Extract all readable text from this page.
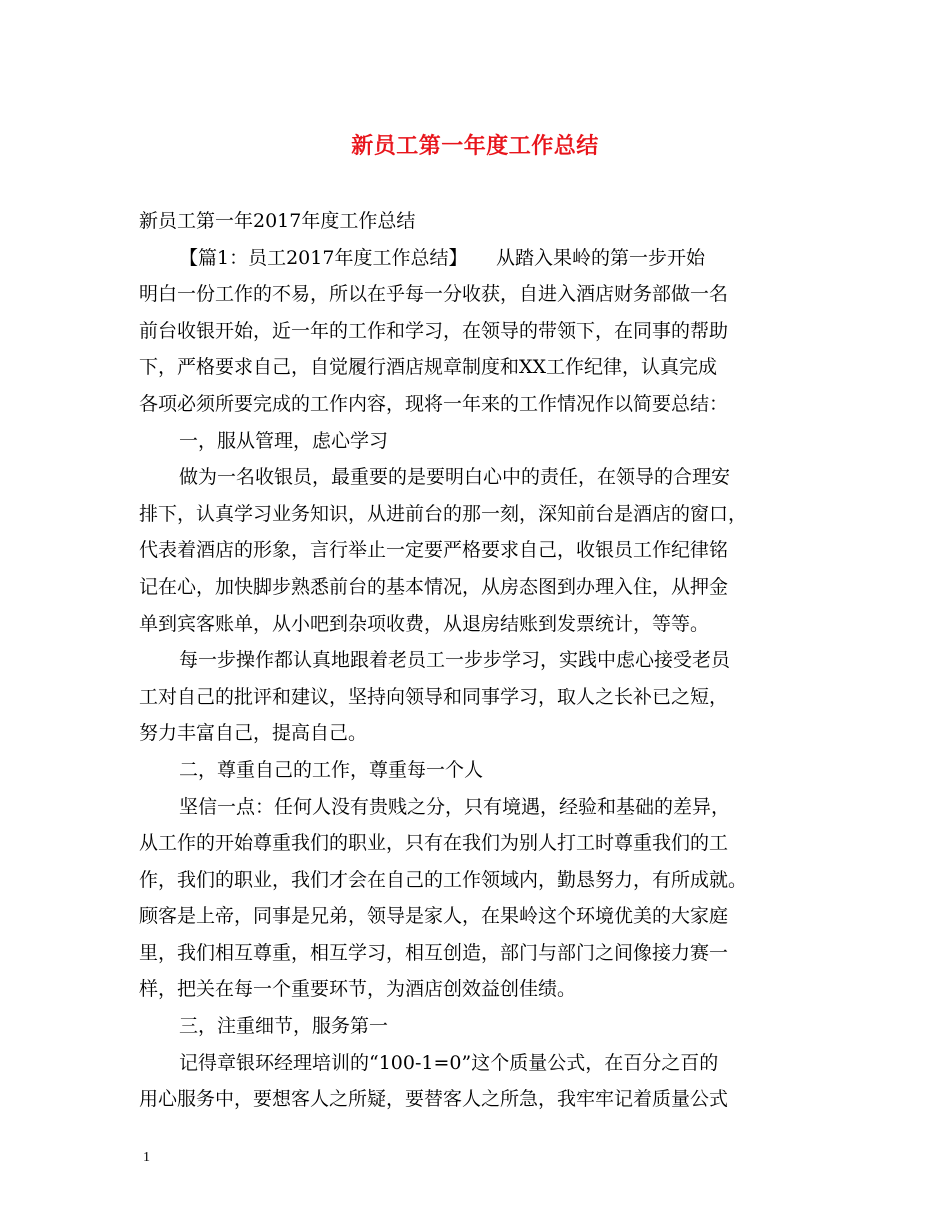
新员工第一年度工作总结
新员工第一年2017年度工作总结
【篇1：员工2017年度工作总结】　　从踏入果岭的第一步开始
明白一份工作的不易，所以在乎每一分收获，自进入酒店财务部做一名
前台收银开始，近一年的工作和学习，在领导的带领下，在同事的帮助
下，严格要求自己，自觉履行酒店规章制度和XX工作纪律，认真完成
各项必须所要完成的工作内容，现将一年来的工作情况作以简要总结：
一，服从管理，虑心学习
做为一名收银员，最重要的是要明白心中的责任，在领导的合理安
排下，认真学习业务知识，从进前台的那一刻，深知前台是酒店的窗口，
代表着酒店的形象，言行举止一定要严格要求自己，收银员工作纪律铭
记在心，加快脚步熟悉前台的基本情况，从房态图到办理入住，从押金
单到宾客账单，从小吧到杂项收费，从退房结账到发票统计，等等。
每一步操作都认真地跟着老员工一步步学习，实践中虑心接受老员
工对自己的批评和建议，坚持向领导和同事学习，取人之长补已之短，
努力丰富自己，提高自己。
二，尊重自己的工作，尊重每一个人
坚信一点：任何人没有贵贱之分，只有境遇，经验和基础的差异，
从工作的开始尊重我们的职业，只有在我们为别人打工时尊重我们的工
作，我们的职业，我们才会在自己的工作领域内，勤恳努力，有所成就。
顾客是上帝，同事是兄弟，领导是家人，在果岭这个环境优美的大家庭
里，我们相互尊重，相互学习，相互创造，部门与部门之间像接力赛一
样，把关在每一个重要环节，为酒店创效益创佳绩。
三，注重细节，服务第一
记得章银环经理培训的“100-1=0”这个质量公式，在百分之百的
用心服务中，要想客人之所疑，要替客人之所急，我牢牢记着质量公式
1
